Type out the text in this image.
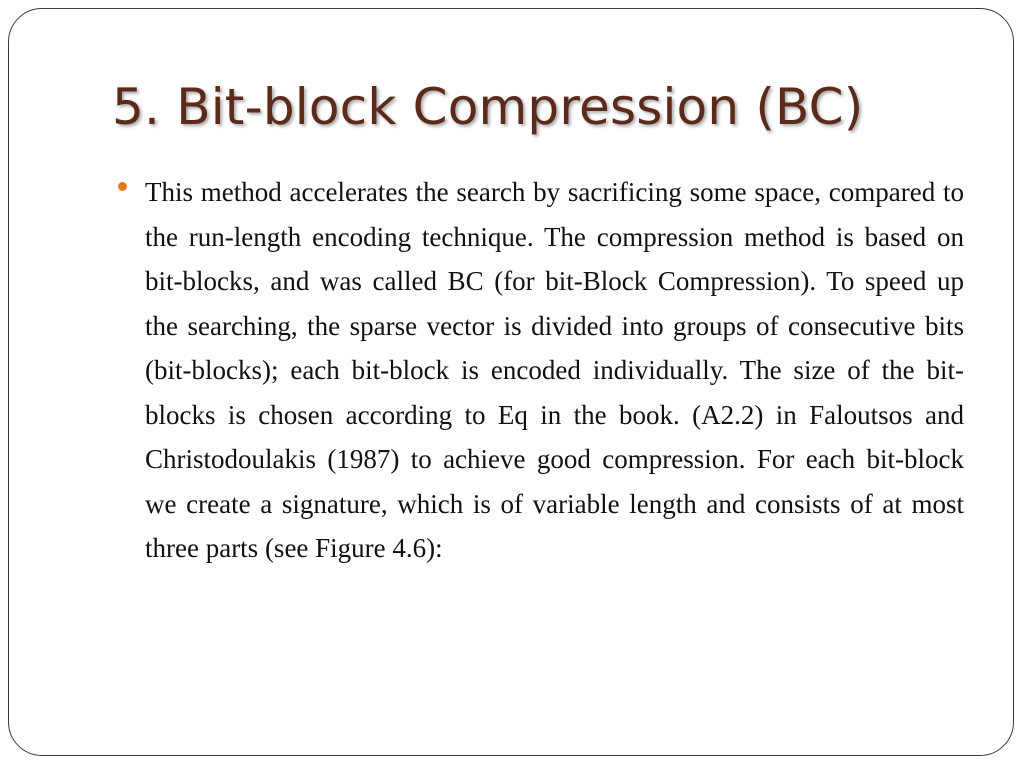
5. Bit-block Compression (BC)
This method accelerates the search by sacrificing some space, compared to the run-length encoding technique. The compression method is based on bit-blocks, and was called BC (for bit-Block Compression). To speed up the searching, the sparse vector is divided into groups of consecutive bits (bit-blocks); each bit-block is encoded individually. The size of the bit-blocks is chosen according to Eq in the book. (A2.2) in Faloutsos and Christodoulakis (1987) to achieve good compression. For each bit-block we create a signature, which is of variable length and consists of at most three parts (see Figure 4.6):
